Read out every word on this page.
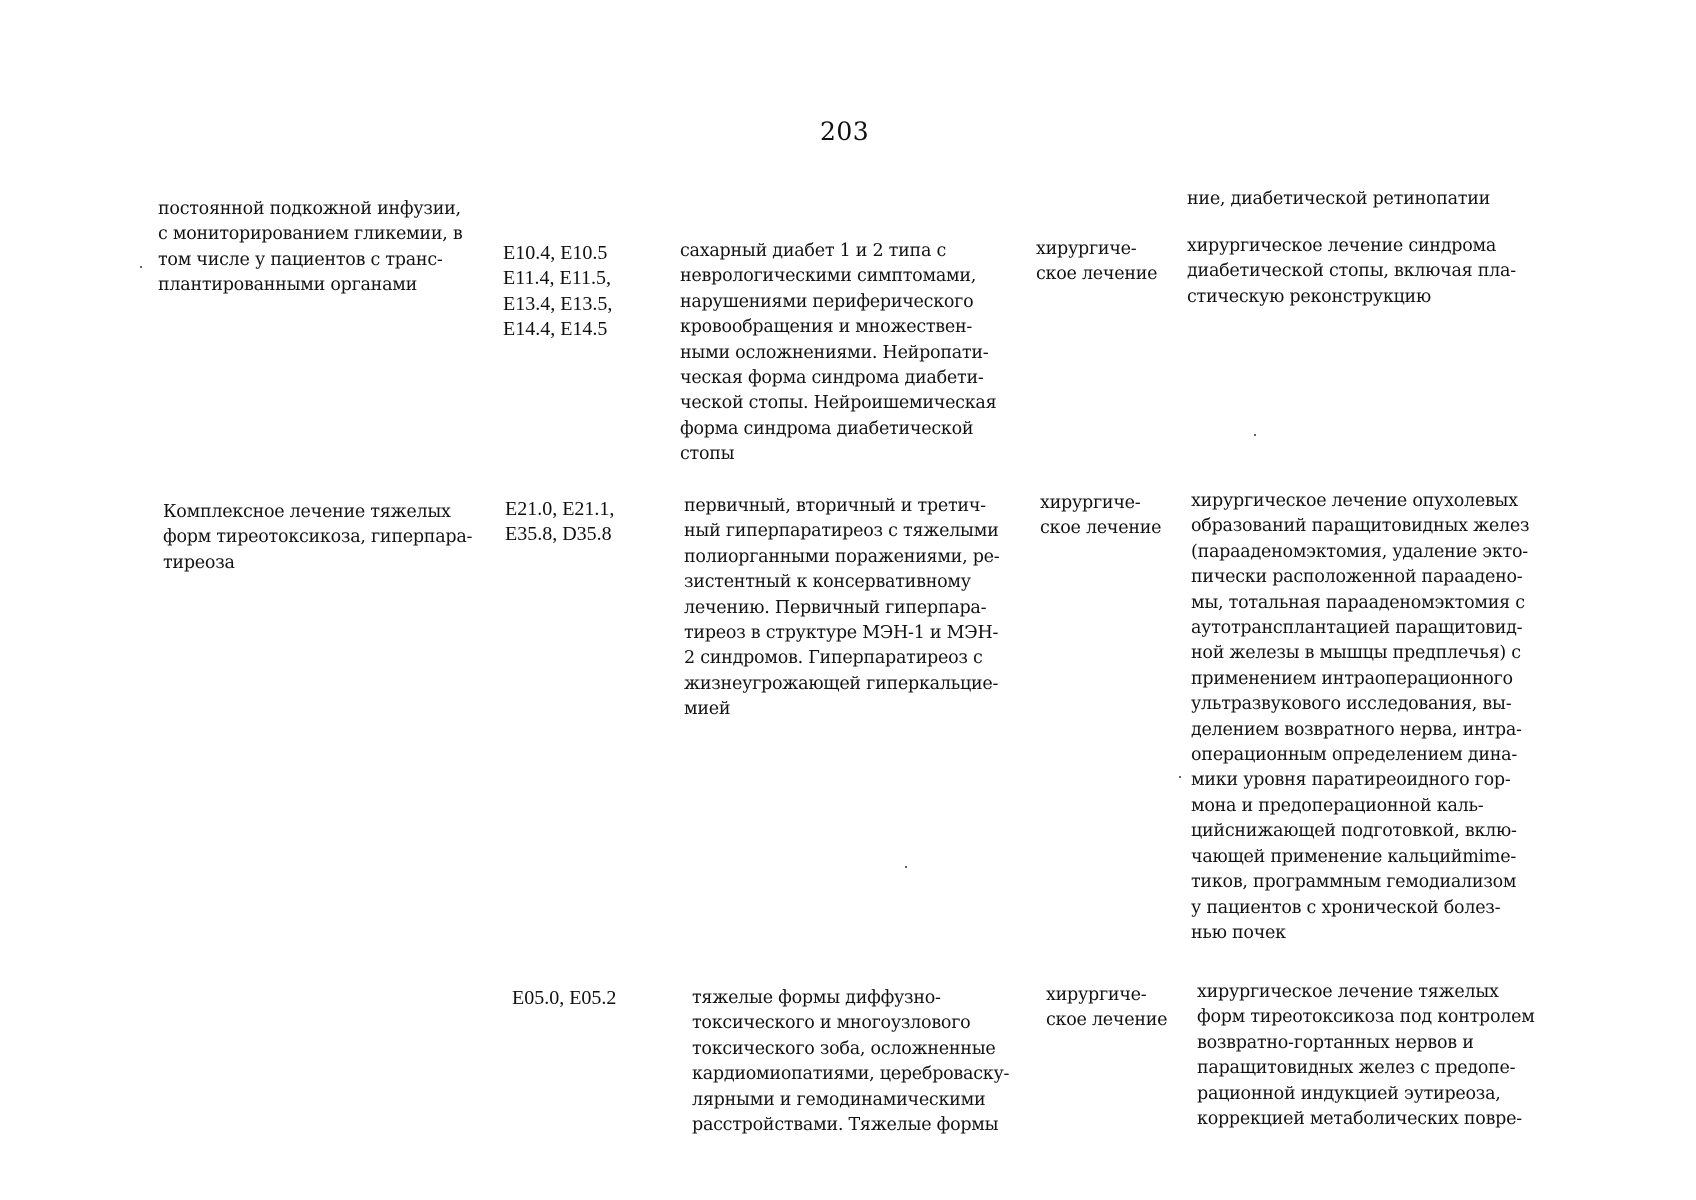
203
постоянной подкожной инфузии,
с мониторированием гликемии, в
том числе у пациентов с транс-
плантированными органами
ние, диабетической ретинопатии
E10.4, E10.5
E11.4, E11.5,
E13.4, E13.5,
E14.4, E14.5
сахарный диабет 1 и 2 типа с
неврологическими симптомами,
нарушениями периферического
кровообращения и множествен-
ными осложнениями. Нейропати-
ческая форма синдрома диабети-
ческой стопы. Нейроишемическая
форма синдрома диабетической
стопы
хирургиче-
ское лечение
хирургическое лечение синдрома
диабетической стопы, включая пла-
стическую реконструкцию
Комплексное лечение тяжелых
форм тиреотоксикоза, гиперпара-
тиреоза
E21.0, E21.1,
E35.8, D35.8
первичный, вторичный и третич-
ный гиперпаратиреоз с тяжелыми
полиорганными поражениями, ре-
зистентный к консервативному
лечению. Первичный гиперпара-
тиреоз в структуре МЭН-1 и МЭН-
2 синдромов. Гиперпаратиреоз с
жизнеугрожающей гиперкальцие-
мией
хирургиче-
ское лечение
хирургическое лечение опухолевых
образований паращитовидных желез
(парааденомэктомия, удаление экто-
пически расположенной параадено-
мы, тотальная парааденомэктомия с
аутотрансплантацией паращитовид-
ной железы в мышцы предплечья) с
применением интраоперационного
ультразвукового исследования, вы-
делением возвратного нерва, интра-
операционным определением дина-
мики уровня паратиреоидного гор-
мона и предоперационной каль-
цийснижающей подготовкой, вклю-
чающей применение кальцийmime-
тиков, программным гемодиализом
у пациентов с хронической болез-
нью почек
E05.0, E05.2	тяжелые формы диффузно-
токсического и многоузлового
токсического зоба, осложненные
кардиомиопатиями, цереброваску-
лярными и гемодинамическими
расстройствами. Тяжелые формы
хирургиче-
ское лечение
хирургическое лечение тяжелых
форм тиреотоксикоза под контролем
возвратно-гортанных нервов и
паращитовидных желез с предопе-
рационной индукцией эутиреоза,
коррекцией метаболических повре-
